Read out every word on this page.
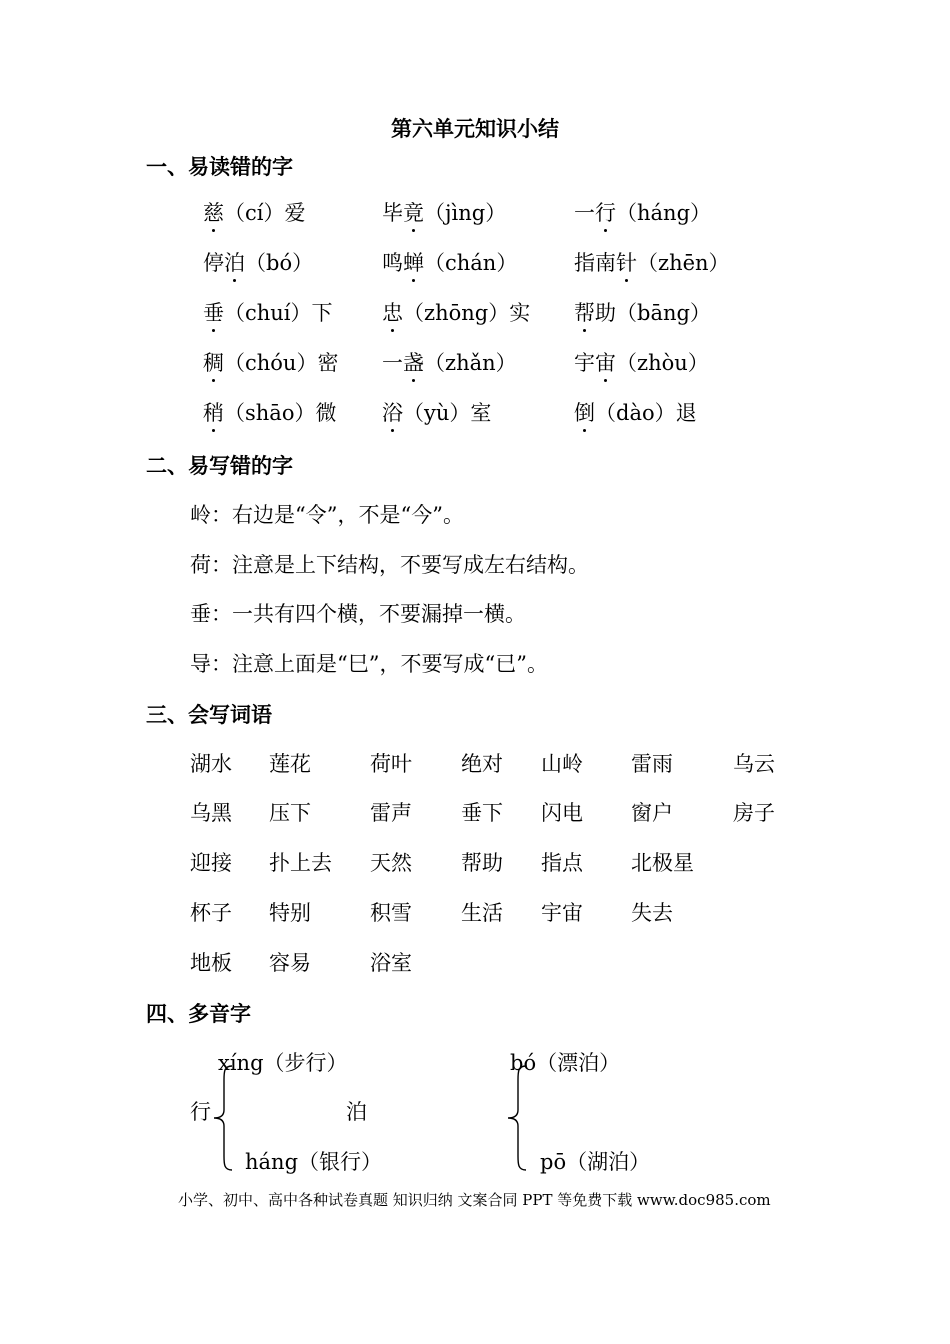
第六单元知识小结
一、易读错的字
慈（cí）爱	毕竟（jìng）	一行（háng）
停泊（bó）	鸣蝉（chán）	指南针（zhēn）
垂（chuí）下 忠（zhōng）实 帮助（bāng）
稠（chóu）密 一盏（zhǎn）	宇宙（zhòu）
稍（shāo）微 浴（yù）室	倒（dào）退
二、易写错的字
岭：右边是“令”，不是“今”。
荷：注意是上下结构，不要写成左右结构。
垂：一共有四个横，不要漏掉一横。
导：注意上面是“巳”，不要写成“已”。
三、会写词语
湖水 莲花	荷叶 绝对 山岭 雷雨	乌云
乌黑 压下	雷声 垂下 闪电 窗户	房子
迎接 扑上去 天然 帮助 指点 北极星
杯子 特别	积雪 生活 宇宙 失去
地板 容易	浴室
四、多音字
xíng（步行）
行
háng（银行）
bó（漂泊）
泊
pō（湖泊）
小学、初中、高中各种试卷真题 知识归纳 文案合同 PPT 等免费下载 www.doc985.com
